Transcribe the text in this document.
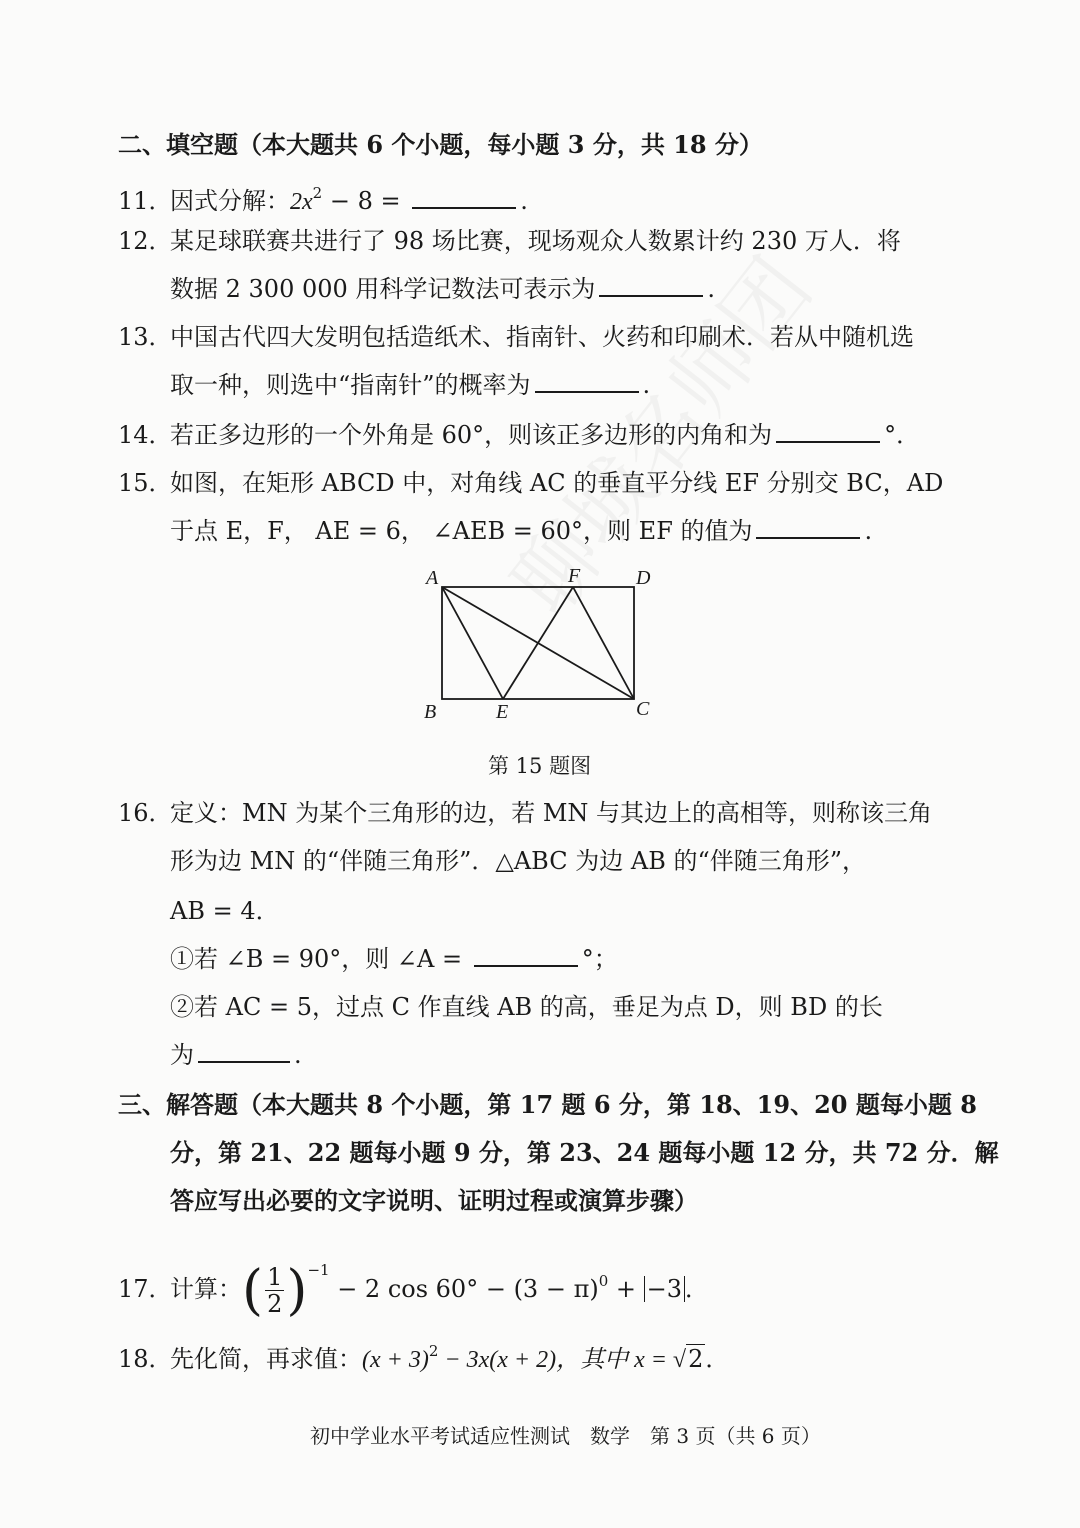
二、填空题（本大题共 6 个小题，每小题 3 分，共 18 分）
11．因式分解：$2x^2 - 8$ =	.
12．某足球联赛共进行了 98 场比赛，现场观众人数累计约 230 万人．将
数据 2 300 000 用科学记数法可表示为	.
13．中国古代四大发明包括造纸术、指南针、火药和印刷术．若从中随机选
取一种，则选中“指南针”的概率为	.
14．若正多边形的一个外角是 60°，则该正多边形的内角和为	°．
15．如图，在矩形 ABCD 中，对角线 AC 的垂直平分线 EF 分别交 BC，AD
于点 E，F， AE = 6， ∠AEB = 60°，则 EF 的值为	.
A	F	D
B	E	C
第 15 题图
16．定义：MN 为某个三角形的边，若 MN 与其边上的高相等，则称该三角
形为边 MN 的“伴随三角形”．△ABC 为边 AB 的“伴随三角形”，
AB = 4．
①若 ∠B = 90°，则 ∠A =	°；
②若 AC = 5，过点 C 作直线 AB 的高，垂足为点 D，则 BD 的长
为	.
三、解答题（本大题共 8 个小题，第 17 题 6 分，第 18、19、20 题每小题 8
分，第 21、22 题每小题 9 分，第 23、24 题每小题 12 分，共 72 分．解
答应写出必要的文字说明、证明过程或演算步骤）
17．计算：( $\frac{1}{2} )^{-1} - 2$ $\cos 60^\circ - (3 - \pi)^0 + -3$ ．
18．先化简，再求值：$(x + 3)^2 - 3x(x + 2)$，其中 x = √2．
初中学业水平考试适应性测试　数学　第 3 页（共 6 页）
